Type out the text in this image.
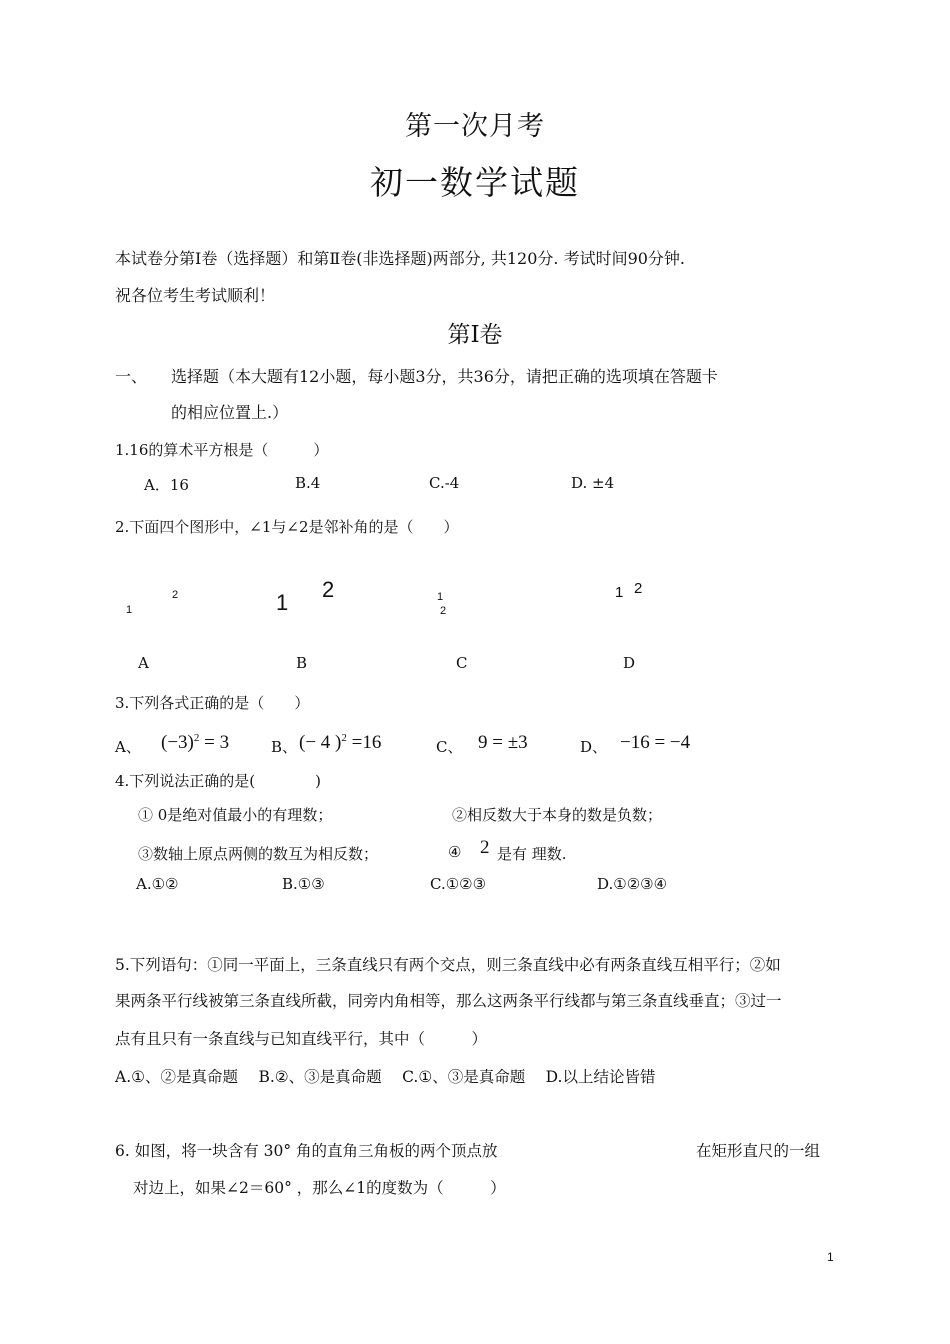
第一次月考
初一数学试题
本试卷分第Ⅰ卷（选择题）和第Ⅱ卷(非选择题)两部分, 共120分. 考试时间90分钟.
祝各位考生考试顺利！
第Ⅰ卷
一、 选择题（本大题有12小题，每小题3分，共36分，请把正确的选项填在答题卡
的相应位置上.）
1.16的算术平方根是（　　　）
A．16	B.4	C.-4	D. ±4
2.下面四个图形中，∠1与∠2是邻补角的是（　　）
1
2	1
2	1
2
1 2
A	B	C	D
3.下列各式正确的是（　　）
A、 $(-3)^2 = 3$	B、 (− 4 )$^2$ =16	C、 9 = ±3	D、 −16 = −4
4.下列说法正确的是(　　　　)
① 0是绝对值最小的有理数；	②相反数大于本身的数是负数；
③数轴上原点两侧的数互为相反数；	④ 2 是有 理数.
A.①②	B.①③	C.①②③	D.①②③④
5.下列语句：①同一平面上，三条直线只有两个交点，则三条直线中必有两条直线互相平行；②如
果两条平行线被第三条直线所截，同旁内角相等，那么这两条平行线都与第三条直线垂直；③过一
点有且只有一条直线与已知直线平行，其中（　　　）
A.①、②是真命题　 B.②、③是真命题　 C.①、③是真命题　 D.以上结论皆错
6. 如图，将一块含有 30° 角的直角三角板的两个顶点放	在矩形直尺的一组
对边上，如果∠2＝60° ，那么∠1的度数为（　　　）
1
